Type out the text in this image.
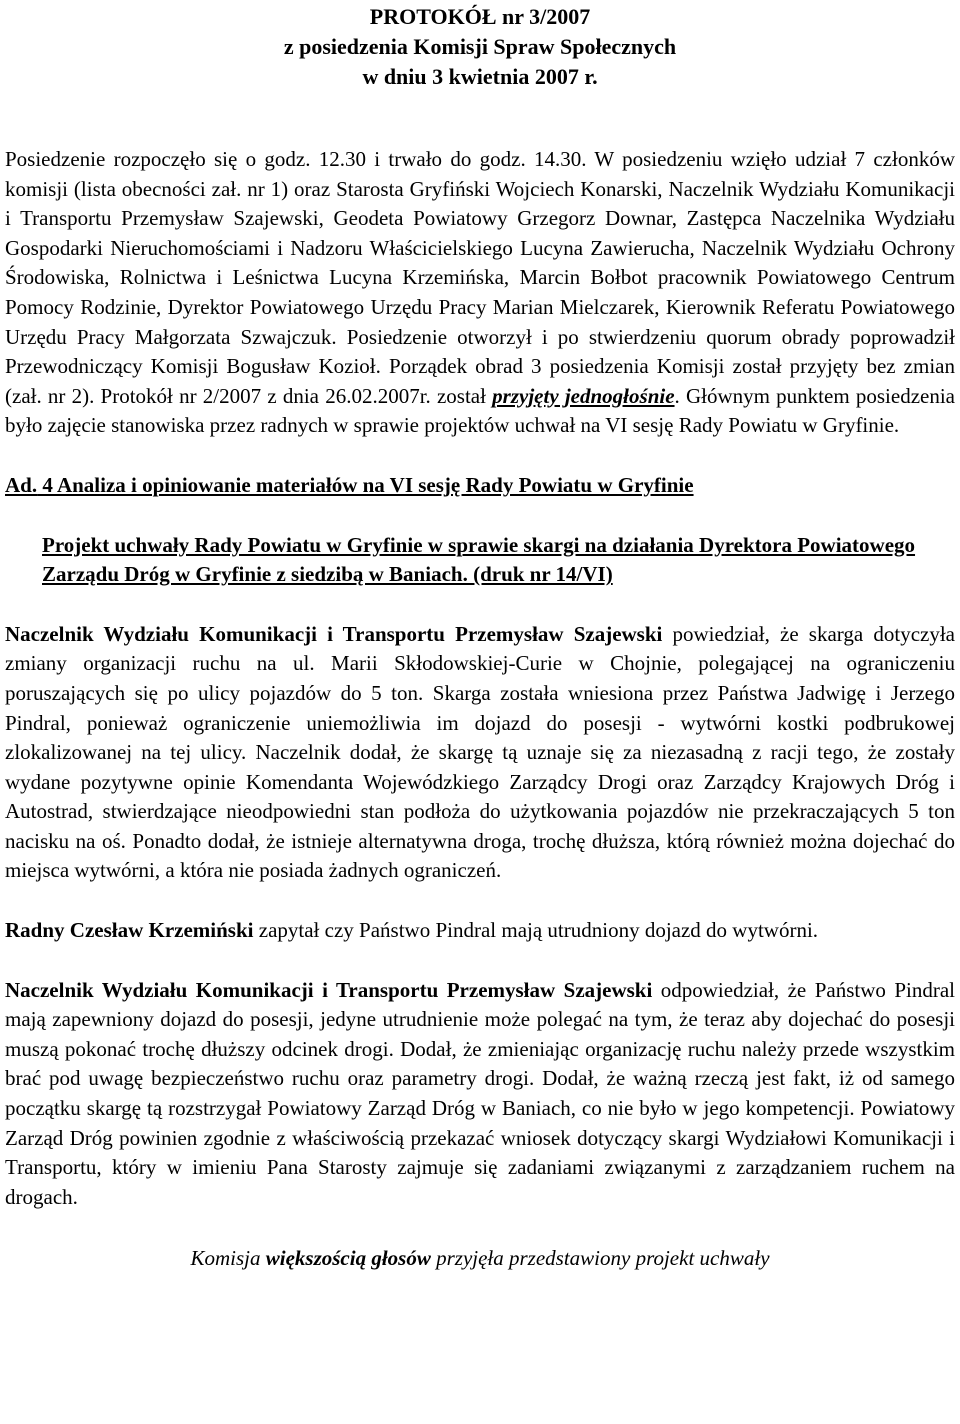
PROTOKÓŁ nr 3/2007
z posiedzenia Komisji Spraw Społecznych
w dniu 3 kwietnia 2007 r.

Posiedzenie rozpoczęło się o godz. 12.30 i trwało do godz. 14.30. W posiedzeniu wzięło udział 7 członków komisji (lista obecności zał. nr 1) oraz Starosta Gryfiński Wojciech Konarski, Naczelnik Wydziału Komunikacji i Transportu Przemysław Szajewski, Geodeta Powiatowy Grzegorz Downar, Zastępca Naczelnika Wydziału Gospodarki Nieruchomościami i Nadzoru Właścicielskiego Lucyna Zawierucha, Naczelnik Wydziału Ochrony Środowiska, Rolnictwa i Leśnictwa Lucyna Krzemińska, Marcin Bołbot pracownik Powiatowego Centrum Pomocy Rodzinie, Dyrektor Powiatowego Urzędu Pracy Marian Mielczarek, Kierownik Referatu Powiatowego Urzędu Pracy Małgorzata Szwajczuk. Posiedzenie otworzył i po stwierdzeniu quorum obrady poprowadził Przewodniczący Komisji Bogusław Kozioł. Porządek obrad 3 posiedzenia Komisji został przyjęty bez zmian (zał. nr 2). Protokół nr 2/2007 z dnia 26.02.2007r. został przyjęty jednogłośnie. Głównym punktem posiedzenia było zajęcie stanowiska przez radnych w sprawie projektów uchwał na VI sesję Rady Powiatu w Gryfinie.

Ad. 4 Analiza i opiniowanie materiałów na VI sesję Rady Powiatu w Gryfinie

Projekt uchwały Rady Powiatu w Gryfinie w sprawie skargi na działania Dyrektora Powiatowego Zarządu Dróg w Gryfinie z siedzibą w Baniach. (druk nr 14/VI)

Naczelnik Wydziału Komunikacji i Transportu Przemysław Szajewski powiedział, że skarga dotyczyła zmiany organizacji ruchu na ul. Marii Skłodowskiej-Curie w Chojnie, polegającej na ograniczeniu poruszających się po ulicy pojazdów do 5 ton. Skarga została wniesiona przez Państwa Jadwigę i Jerzego Pindral, ponieważ ograniczenie uniemożliwia im dojazd do posesji - wytwórni kostki podbrukowej zlokalizowanej na tej ulicy. Naczelnik dodał, że skargę tą uznaje się za niezasadną z racji tego, że zostały wydane pozytywne opinie Komendanta Wojewódzkiego Zarządcy Drogi oraz Zarządcy Krajowych Dróg i Autostrad, stwierdzające nieodpowiedni stan podłoża do użytkowania pojazdów nie przekraczających 5 ton nacisku na oś. Ponadto dodał, że istnieje alternatywna droga, trochę dłuższa, którą również można dojechać do miejsca wytwórni, a która nie posiada żadnych ograniczeń.

Radny Czesław Krzemiński zapytał czy Państwo Pindral mają utrudniony dojazd do wytwórni.

Naczelnik Wydziału Komunikacji i Transportu Przemysław Szajewski odpowiedział, że Państwo Pindral mają zapewniony dojazd do posesji, jedyne utrudnienie może polegać na tym, że teraz aby dojechać do posesji muszą pokonać trochę dłuższy odcinek drogi. Dodał, że zmieniając organizację ruchu należy przede wszystkim brać pod uwagę bezpieczeństwo ruchu oraz parametry drogi. Dodał, że ważną rzeczą jest fakt, iż od samego początku skargę tą rozstrzygał Powiatowy Zarząd Dróg w Baniach, co nie było w jego kompetencji. Powiatowy Zarząd Dróg powinien zgodnie z właściwością przekazać wniosek dotyczący skargi Wydziałowi Komunikacji i Transportu, który w imieniu Pana Starosty zajmuje się zadaniami związanymi z zarządzaniem ruchem na drogach.

Komisja większością głosów przyjęła przedstawiony projekt uchwały
